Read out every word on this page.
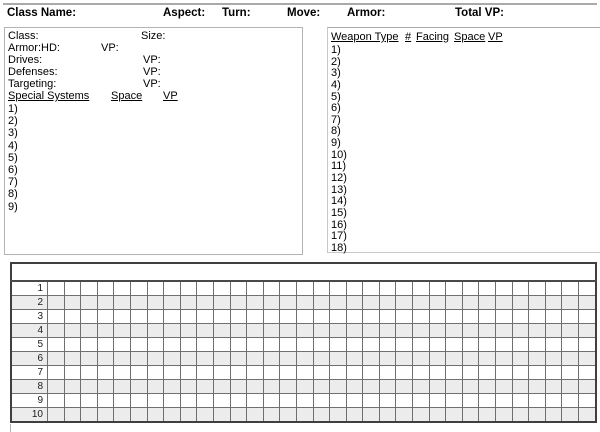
Class Name:	Aspect: Turn:	Move: Armor:	Total VP:
Class:	Size:
Armor:HD:	VP:
Drives:	VP:
Defenses:	VP:
Targeting:	VP:
Special Systems Space VP
1)
2)
3)
4)
5)
6)
7)
8)
9)
Weapon Type # Facing Space VP
1)
2)
3)
4)
5)
6)
7)
8)
9)
10)
11)
12)
13)
14)
15)
16)
17)
18)

1																																	
2																																	
3																																	
4																																	
5																																	
6																																	
7																																	
8																																	
9																																	
10																																	
